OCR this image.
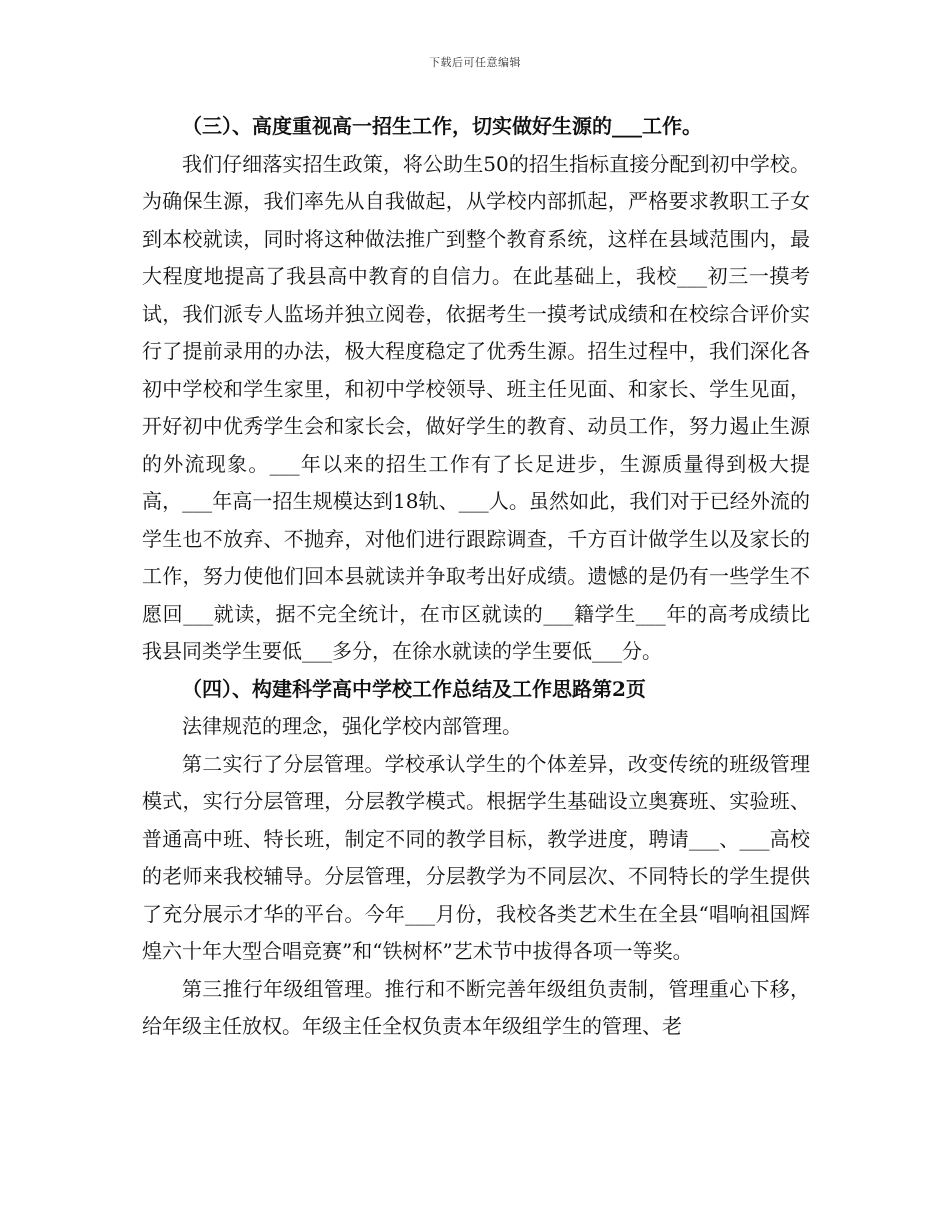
下载后可任意编辑

（三）、高度重视高一招生工作，切实做好生源的___工作。

我们仔细落实招生政策，将公助生50的招生指标直接分配到初中学校。为确保生源，我们率先从自我做起，从学校内部抓起，严格要求教职工子女到本校就读，同时将这种做法推广到整个教育系统，这样在县域范围内，最大程度地提高了我县高中教育的自信力。在此基础上，我校___初三一摸考试，我们派专人监场并独立阅卷，依据考生一摸考试成绩和在校综合评价实行了提前录用的办法，极大程度稳定了优秀生源。招生过程中，我们深化各初中学校和学生家里，和初中学校领导、班主任见面、和家长、学生见面，开好初中优秀学生会和家长会，做好学生的教育、动员工作，努力遏止生源的外流现象。___年以来的招生工作有了长足进步，生源质量得到极大提高，___年高一招生规模达到18轨、___人。虽然如此，我们对于已经外流的学生也不放弃、不抛弃，对他们进行跟踪调查，千方百计做学生以及家长的工作，努力使他们回本县就读并争取考出好成绩。遗憾的是仍有一些学生不愿回___就读，据不完全统计，在市区就读的___籍学生___年的高考成绩比我县同类学生要低___多分，在徐水就读的学生要低___分。

（四）、构建科学高中学校工作总结及工作思路第2页

法律规范的理念，强化学校内部管理。

第二实行了分层管理。学校承认学生的个体差异，改变传统的班级管理模式，实行分层管理，分层教学模式。根据学生基础设立奥赛班、实验班、普通高中班、特长班，制定不同的教学目标，教学进度，聘请___、___高校的老师来我校辅导。分层管理，分层教学为不同层次、不同特长的学生提供了充分展示才华的平台。今年___月份，我校各类艺术生在全县“唱响祖国辉煌六十年大型合唱竞赛”和“铁树杯”艺术节中拔得各项一等奖。

第三推行年级组管理。推行和不断完善年级组负责制，管理重心下移，给年级主任放权。年级主任全权负责本年级组学生的管理、老
